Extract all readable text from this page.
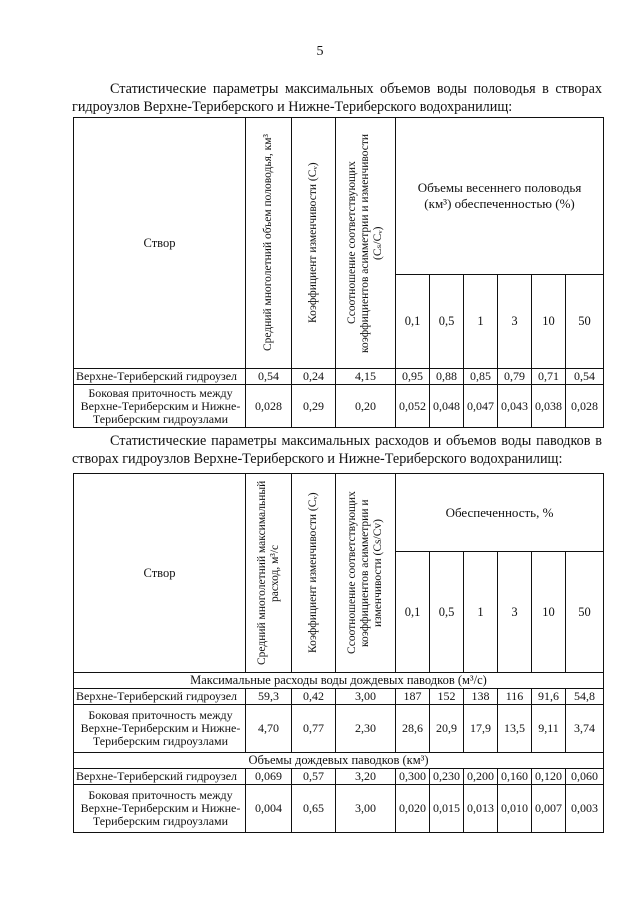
5
Статистические параметры максимальных объемов воды половодья в створах гидроузлов Верхне-Териберского и Нижне-Териберского водохранилищ:
Створ	Средний многолетний объем половодья, км³	Коэффициент изменчивости (Cᵥ)	Ссоотношение соответствующих коэффициентов асимметрии и изменчивости (Cₛ/Cᵥ)	Объемы весеннего половодья (км³) обеспеченностью (%)					
				0,1	0,5	1	3	10	50
Верхне-Териберский гидроузел	0,54	0,24	4,15	0,95	0,88	0,85	0,79	0,71	0,54
Боковая приточность между Верхне-Териберским и Нижне-Териберским гидроузлами	0,028	0,29	0,20	0,052	0,048	0,047	0,043	0,038	0,028
Статистические параметры максимальных расходов и объемов воды паводков в створах гидроузлов Верхне-Териберского и Нижне-Териберского водохранилищ:
Створ	Средний многолетний максимальный расход, м³/с	Коэффициент изменчивости (Cᵥ)	Ссоотношение соответствующих коэффициентов асимметрии и изменчивости (Cs/Cv)	Обеспеченность, %					
				0,1	0,5	1	3	10	50
Максимальные расходы воды дождевых паводков (м³/с)									
Верхне-Териберский гидроузел	59,3	0,42	3,00	187	152	138	116	91,6	54,8
Боковая приточность между Верхне-Териберским и Нижне-Териберским гидроузлами	4,70	0,77	2,30	28,6	20,9	17,9	13,5	9,11	3,74
Объемы дождевых паводков (км³)									
Верхне-Териберский гидроузел	0,069	0,57	3,20	0,300	0,230	0,200	0,160	0,120	0,060
Боковая приточность между Верхне-Териберским и Нижне-Териберским гидроузлами	0,004	0,65	3,00	0,020	0,015	0,013	0,010	0,007	0,003
